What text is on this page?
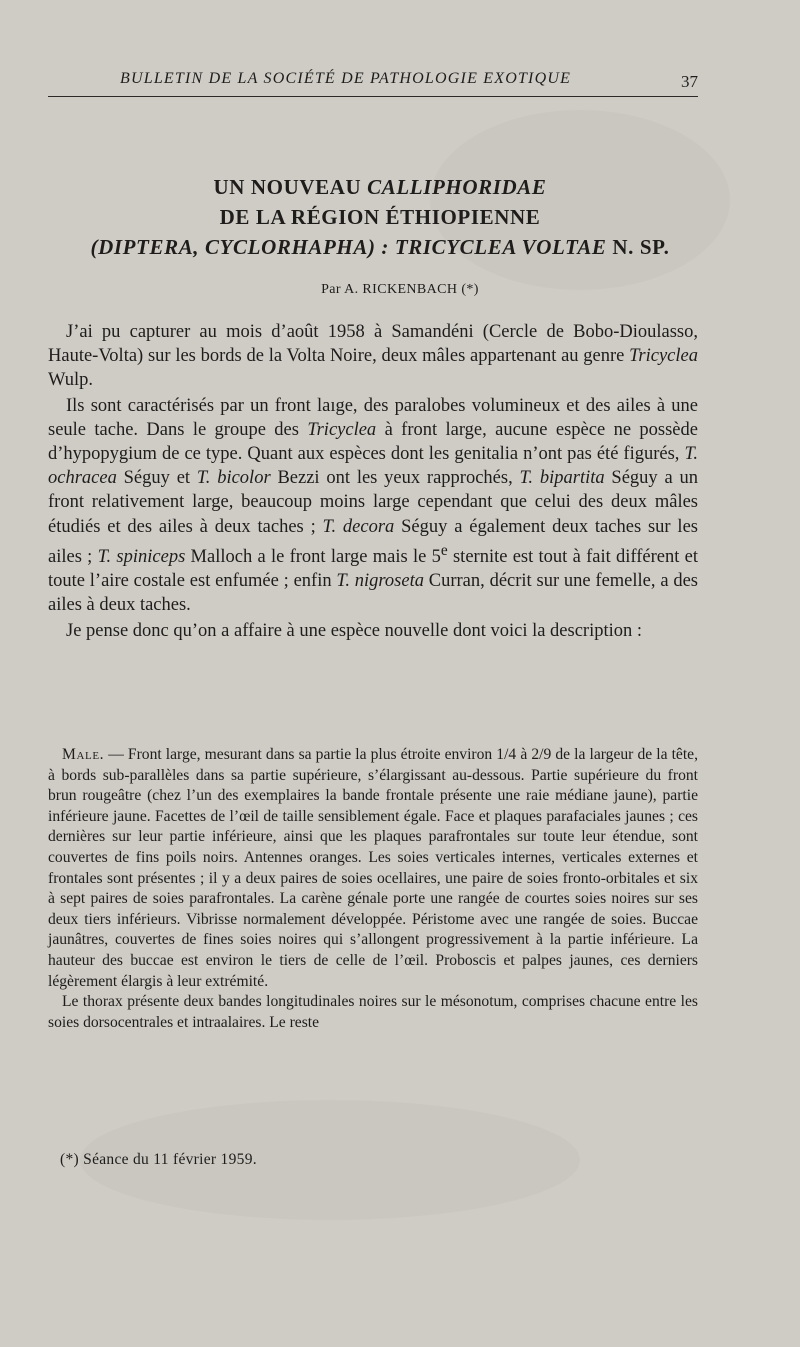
BULLETIN DE LA SOCIÉTÉ DE PATHOLOGIE EXOTIQUE	37
UN NOUVEAU CALLIPHORIDAE
DE LA RÉGION ÉTHIOPIENNE
(DIPTERA, CYCLORHAPHA) : TRICYCLEA VOLTAE N. SP.
Par A. RICKENBACH (*)

J’ai pu capturer au mois d’août 1958 à Samandéni (Cercle de Bobo-Dioulasso, Haute-Volta) sur les bords de la Volta Noire, deux mâles appartenant au genre Tricyclea Wulp.

Ils sont caractérisés par un front laıge, des paralobes volumineux et des ailes à une seule tache. Dans le groupe des Tricyclea à front large, aucune espèce ne possède d’hypopygium de ce type. Quant aux espèces dont les genitalia n’ont pas été figurés, T. ochracea Séguy et T. bicolor Bezzi ont les yeux rapprochés, T. bipartita Séguy a un front relativement large, beaucoup moins large cependant que celui des deux mâles étudiés et des ailes à deux taches ; T. decora Séguy a également deux taches sur les ailes ; T. spiniceps Malloch a le front large mais le 5e sternite est tout à fait différent et toute l’aire costale est enfumée ; enfin T. nigroseta Curran, décrit sur une femelle, a des ailes à deux taches.

Je pense donc qu’on a affaire à une espèce nouvelle dont voici la description :

Male. — Front large, mesurant dans sa partie la plus étroite environ 1/4 à 2/9 de la largeur de la tête, à bords sub-parallèles dans sa partie supérieure, s’élargissant au-dessous. Partie supérieure du front brun rougeâtre (chez l’un des exemplaires la bande frontale présente une raie médiane jaune), partie inférieure jaune. Facettes de l’œil de taille sensiblement égale. Face et plaques parafaciales jaunes ; ces dernières sur leur partie inférieure, ainsi que les plaques parafrontales sur toute leur étendue, sont couvertes de fins poils noirs. Antennes oranges. Les soies verticales internes, verticales externes et frontales sont présentes ; il y a deux paires de soies ocellaires, une paire de soies fronto-orbitales et six à sept paires de soies parafrontales. La carène génale porte une rangée de courtes soies noires sur ses deux tiers inférieurs. Vibrisse normalement développée. Péristome avec une rangée de soies. Buccae jaunâtres, couvertes de fines soies noires qui s’allongent progressivement à la partie inférieure. La hauteur des buccae est environ le tiers de celle de l’œil. Proboscis et palpes jaunes, ces derniers légèrement élargis à leur extrémité.

Le thorax présente deux bandes longitudinales noires sur le mésonotum, comprises chacune entre les soies dorsocentrales et intraalaires. Le reste

(*) Séance du 11 février 1959.
